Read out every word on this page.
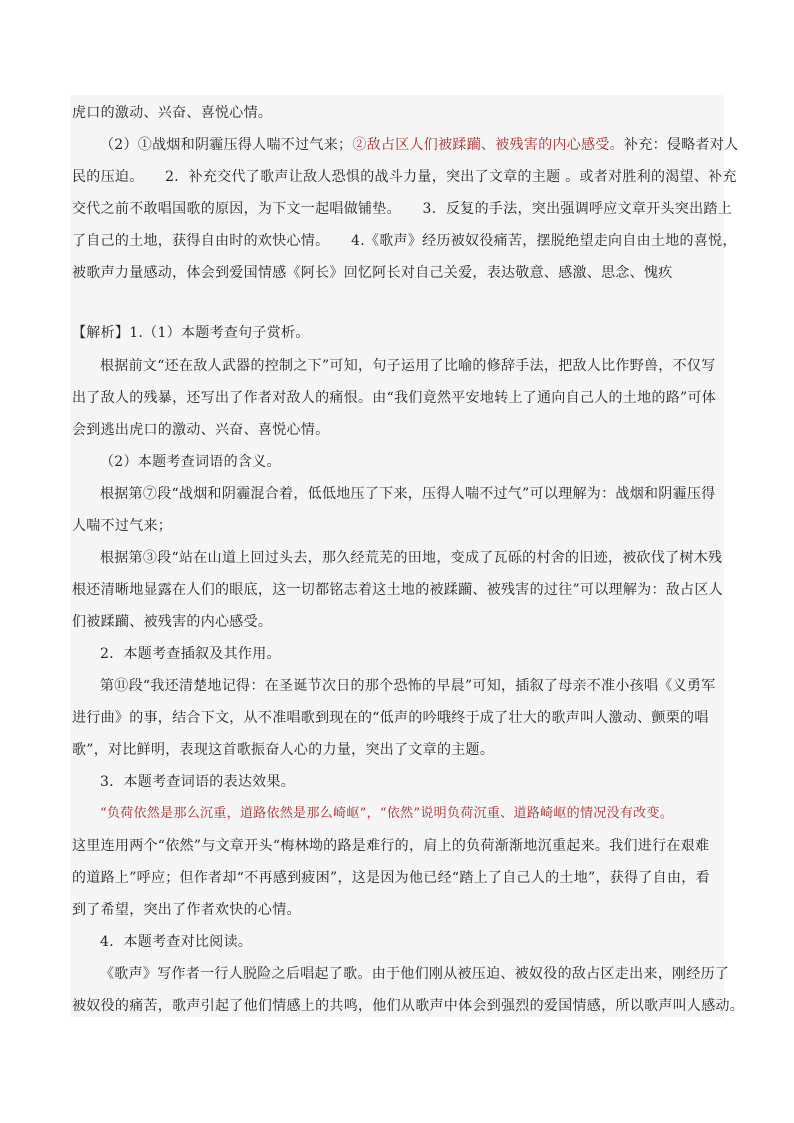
虎口的激动、兴奋、喜悦心情。
（2）①战烟和阴霾压得人喘不过气来；②敌占区人们被蹂躏、被残害的内心感受。补充：侵略者对人
民的压迫。　　2．补充交代了歌声让敌人恐惧的战斗力量，突出了文章的主题 。或者对胜利的渴望、补充
交代之前不敢唱国歌的原因，为下文一起唱做铺垫。　　3．反复的手法，突出强调呼应文章开头突出踏上
了自己的土地，获得自由时的欢快心情。　　4.《歌声》经历被奴役痛苦，摆脱绝望走向自由土地的喜悦，
被歌声力量感动，体会到爱国情感《阿长》回忆阿长对自己关爱，表达敬意、感激、思念、愧疚
【解析】1.（1）本题考查句子赏析。
根据前文“还在敌人武器的控制之下”可知，句子运用了比喻的修辞手法，把敌人比作野兽，不仅写
出了敌人的残暴，还写出了作者对敌人的痛恨。由“我们竟然平安地转上了通向自己人的土地的路”可体
会到逃出虎口的激动、兴奋、喜悦心情。
（2）本题考查词语的含义。
根据第⑦段“战烟和阴霾混合着，低低地压了下来，压得人喘不过气”可以理解为：战烟和阴霾压得
人喘不过气来；
根据第③段“站在山道上回过头去，那久经荒芜的田地，变成了瓦砾的村舍的旧迹，被砍伐了树木残
根还清晰地显露在人们的眼底，这一切都铭志着这土地的被蹂躏、被残害的过往”可以理解为：敌占区人
们被蹂躏、被残害的内心感受。
2．本题考查插叙及其作用。
第⑪段“我还清楚地记得：在圣诞节次日的那个恐怖的早晨”可知，插叙了母亲不准小孩唱《义勇军
进行曲》的事，结合下文，从不准唱歌到现在的“低声的吟哦终于成了壮大的歌声叫人激动、颤栗的唱
歌”，对比鲜明，表现这首歌振奋人心的力量，突出了文章的主题。
3．本题考查词语的表达效果。
“负荷依然是那么沉重，道路依然是那么崎岖”，“依然”说明负荷沉重、道路崎岖的情况没有改变。
这里连用两个“依然”与文章开头“梅林坳的路是难行的，肩上的负荷渐渐地沉重起来。我们进行在艰难
的道路上”呼应；但作者却“不再感到疲困”，这是因为他已经“踏上了自己人的土地”，获得了自由，看
到了希望，突出了作者欢快的心情。
4．本题考查对比阅读。
《歌声》写作者一行人脱险之后唱起了歌。由于他们刚从被压迫、被奴役的敌占区走出来，刚经历了
被奴役的痛苦，歌声引起了他们情感上的共鸣，他们从歌声中体会到强烈的爱国情感，所以歌声叫人感动。
